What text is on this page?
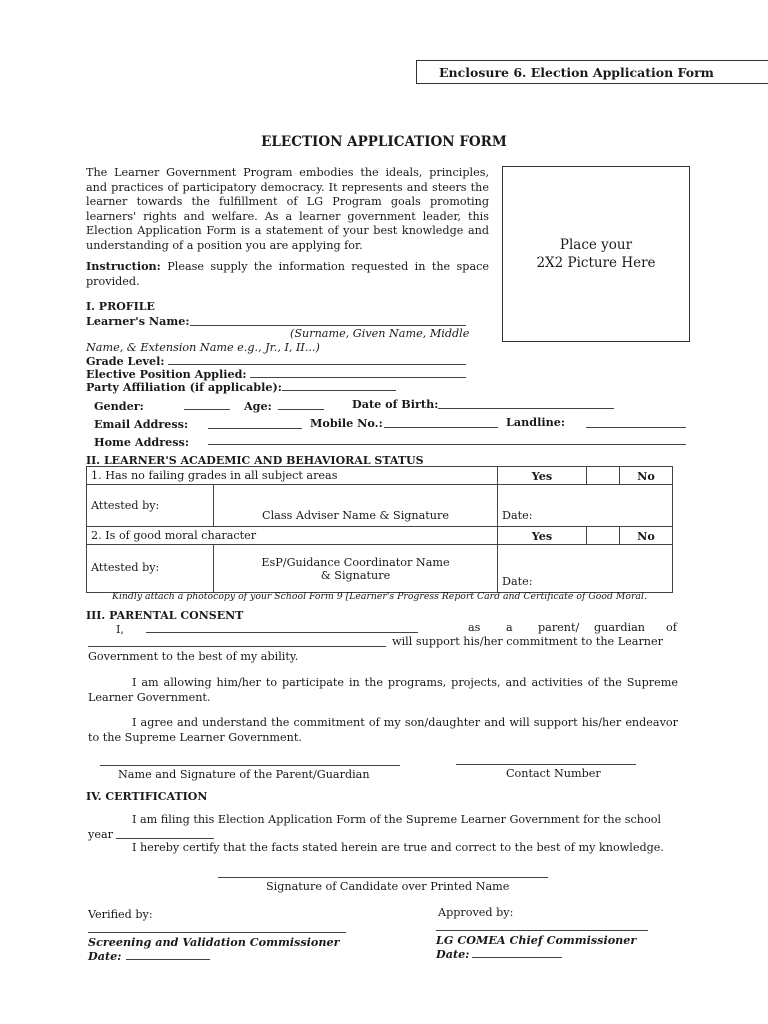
Enclosure 6. Election Application Form
ELECTION APPLICATION FORM
The Learner Government Program embodies the ideals, principles, and practices of participatory democracy. It represents and steers the learner towards the fulfillment of LG Program goals promoting learners' rights and welfare. As a learner government leader, this Election Application Form is a statement of your best knowledge and understanding of a position you are applying for.	Place your
2X2 Picture Here
Instruction: Please supply the information requested in the space provided.
I. PROFILE
Learner's Name:
(Surname, Given Name, Middle
Name, & Extension Name e.g., Jr., I, II...)
Grade Level:
Elective Position Applied:
Party Affiliation (if applicable):
Gender:	Age:	Date of Birth:
Email Address:	Mobile No.:	Landline:
Home Address:
II. LEARNER'S ACADEMIC AND BEHAVIORAL STATUS
1. Has no failing grades in all subject areas		Yes		No
Attested by:	Class Adviser Name & Signature	Date:		
2. Is of good moral character		Yes		No
Attested by:	EsP/Guidance Coordinator Name
& Signature	Date:		
Kindly attach a photocopy of your School Form 9 [Learner's Progress Report Card and Certificate of Good Moral.
III. PARENTAL CONSENT
I,	as a parent/ guardian of
will support his/her commitment to the Learner
Government to the best of my ability.
I am allowing him/her to participate in the programs, projects, and activities of the Supreme Learner Government.
I agree and understand the commitment of my son/daughter and will support his/her endeavor to the Supreme Learner Government.
Name and Signature of the Parent/Guardian	Contact Number
IV. CERTIFICATION
I am filing this Election Application Form of the Supreme Learner Government for the school
year
I hereby certify that the facts stated herein are true and correct to the best of my knowledge.
Signature of Candidate over Printed Name
Verified by:	Approved by:
Screening and Validation Commissioner	LG COMEA Chief Commissioner
Date:	Date:
